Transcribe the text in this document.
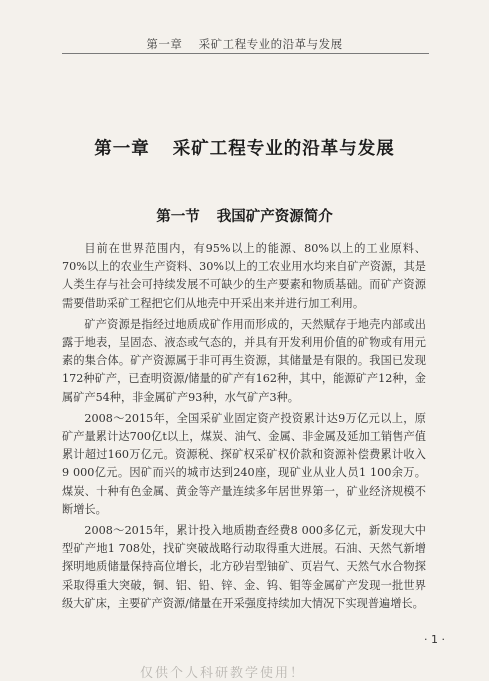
第一章 采矿工程专业的沿革与发展
第一章 采矿工程专业的沿革与发展
第一节 我国矿产资源简介

目前在世界范围内，有95%以上的能源、80%以上的工业原料、70%以上的农业生产资料、30%以上的工农业用水均来自矿产资源，其是人类生存与社会可持续发展不可缺少的生产要素和物质基础。而矿产资源需要借助采矿工程把它们从地壳中开采出来并进行加工利用。

矿产资源是指经过地质成矿作用而形成的，天然赋存于地壳内部或出露于地表，呈固态、液态或气态的，并具有开发利用价值的矿物或有用元素的集合体。矿产资源属于非可再生资源，其储量是有限的。我国已发现172种矿产，已查明资源/储量的矿产有162种，其中，能源矿产12种，金属矿产54种，非金属矿产93种，水气矿产3种。

2008～2015年，全国采矿业固定资产投资累计达9万亿元以上，原矿产量累计达700亿t以上，煤炭、油气、金属、非金属及延加工销售产值累计超过160万亿元。资源税、探矿权采矿权价款和资源补偿费累计收入9 000亿元。因矿而兴的城市达到240座，现矿业从业人员1 100余万。煤炭、十种有色金属、黄金等产量连续多年居世界第一，矿业经济规模不断增长。

2008～2015年，累计投入地质勘查经费8 000多亿元，新发现大中型矿产地1 708处，找矿突破战略行动取得重大进展。石油、天然气新增探明地质储量保持高位增长，北方砂岩型铀矿、页岩气、天然气水合物探采取得重大突破，铜、铝、铅、锌、金、钨、钼等金属矿产发现一批世界级大矿床，主要矿产资源/储量在开采强度持续加大情况下实现普遍增长。

· 1 ·
仅供个人科研教学使用！
